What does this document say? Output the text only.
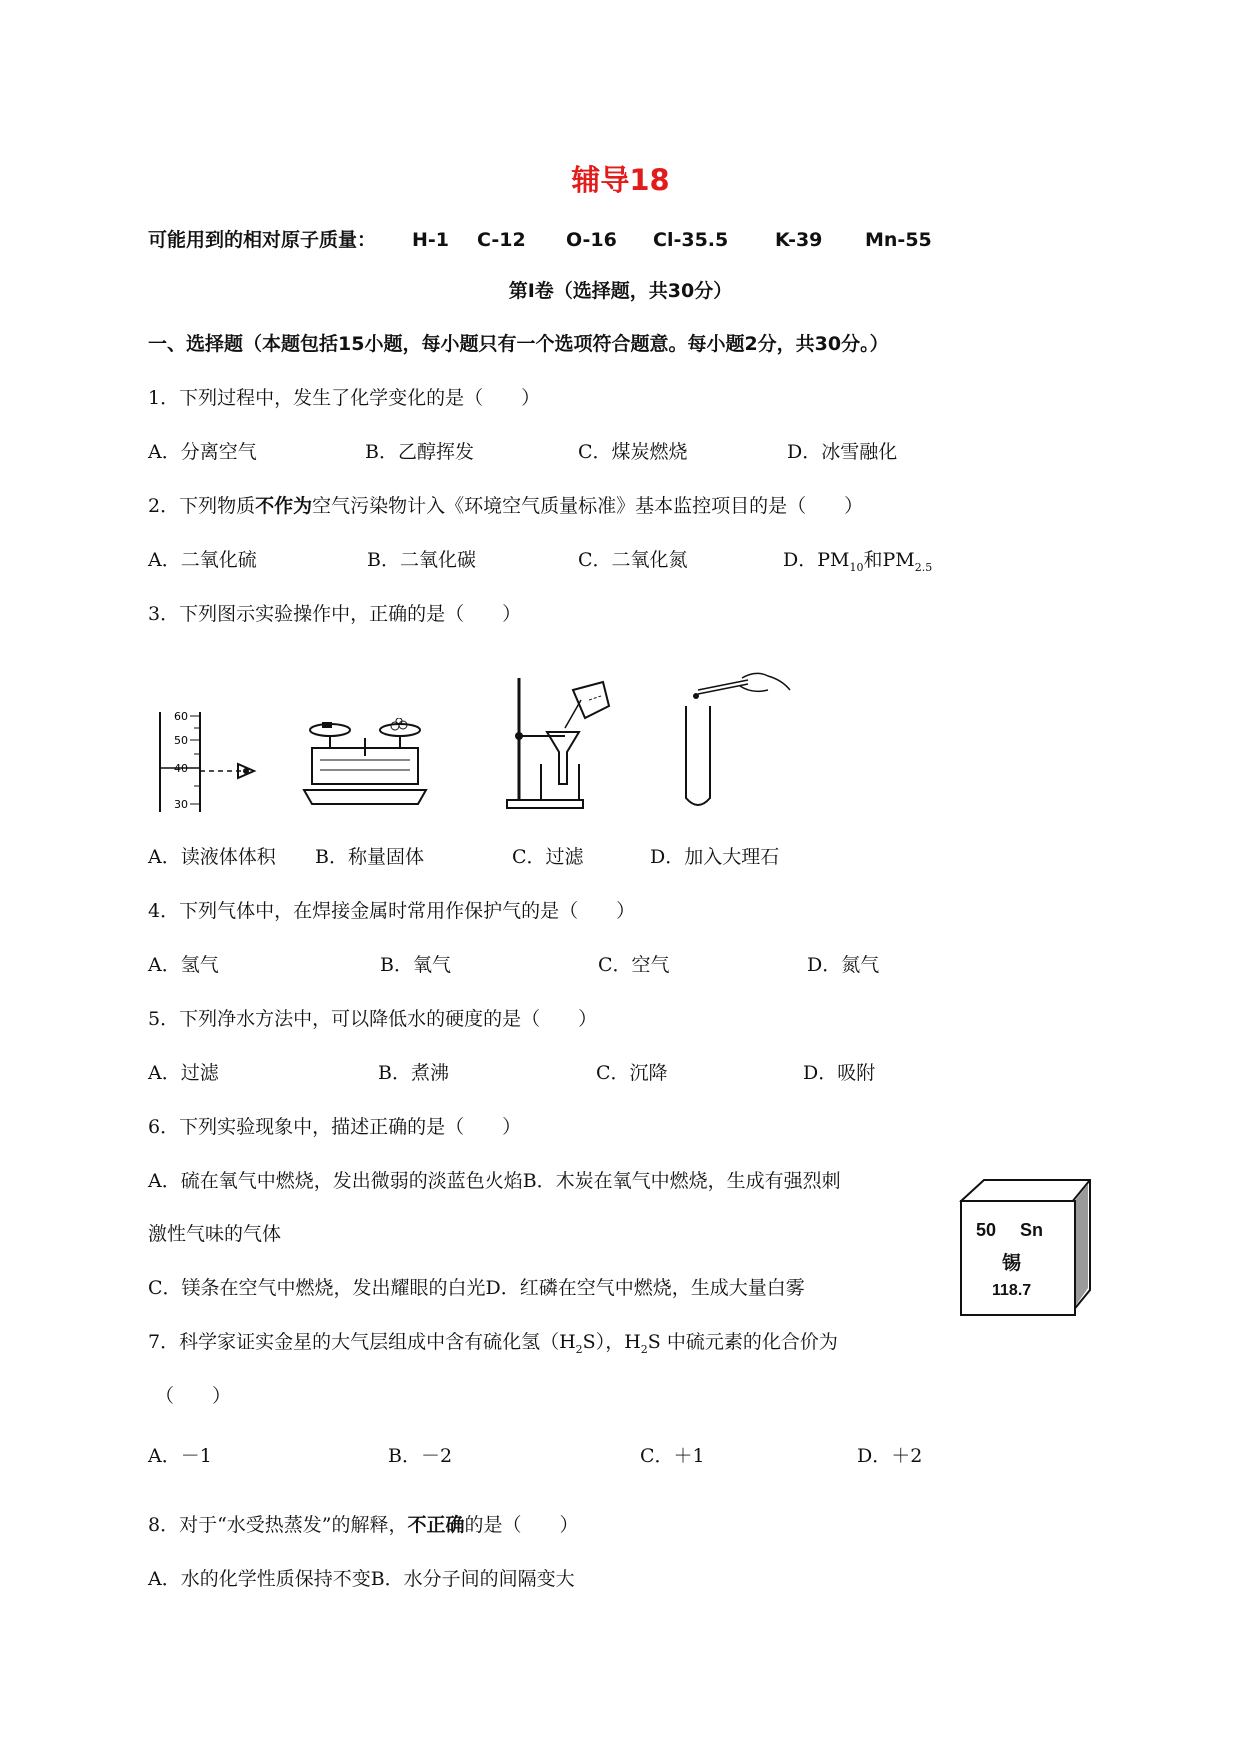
辅导18
可能用到的相对原子质量： H-1 C-12 O-16 Cl-35.5 K-39 Mn-55
第Ⅰ卷（选择题，共30分）
一、选择题（本题包括15小题，每小题只有一个选项符合题意。每小题2分，共30分。）
1．下列过程中，发生了化学变化的是（　　）
A．分离空气	B．乙醇挥发	C．煤炭燃烧	D．冰雪融化
2．下列物质不作为空气污染物计入《环境空气质量标准》基本监控项目的是（　　）
A．二氧化硫	B．二氧化碳	C．二氧化氮	D．$PM_{10}$和$PM_{2.5}$
3．下列图示实验操作中，正确的是（　　）
60
50
40
30
A．读液体体积 B．称量固体	C．过滤	D．加入大理石
4．下列气体中，在焊接金属时常用作保护气的是（　　）
A．氢气	B．氧气	C．空气	D．氮气
5．下列净水方法中，可以降低水的硬度的是（　　）
A．过滤	B．煮沸	C．沉降	D．吸附
6．下列实验现象中，描述正确的是（　　）
A．硫在氧气中燃烧，发出微弱的淡蓝色火焰B．木炭在氧气中燃烧，生成有强烈刺
激性气味的气体
C．镁条在空气中燃烧，发出耀眼的白光D．红磷在空气中燃烧，生成大量白雾
50 Sn
锡
118.7
7．科学家证实金星的大气层组成中含有硫化氢$(H_2S)$，$H_2S$ 中硫元素的化合价为
（　　）
A．－1	B．－2	C．＋1	D．＋2
8．对于“水受热蒸发”的解释，不正确的是（　　）
A．水的化学性质保持不变B．水分子间的间隔变大
